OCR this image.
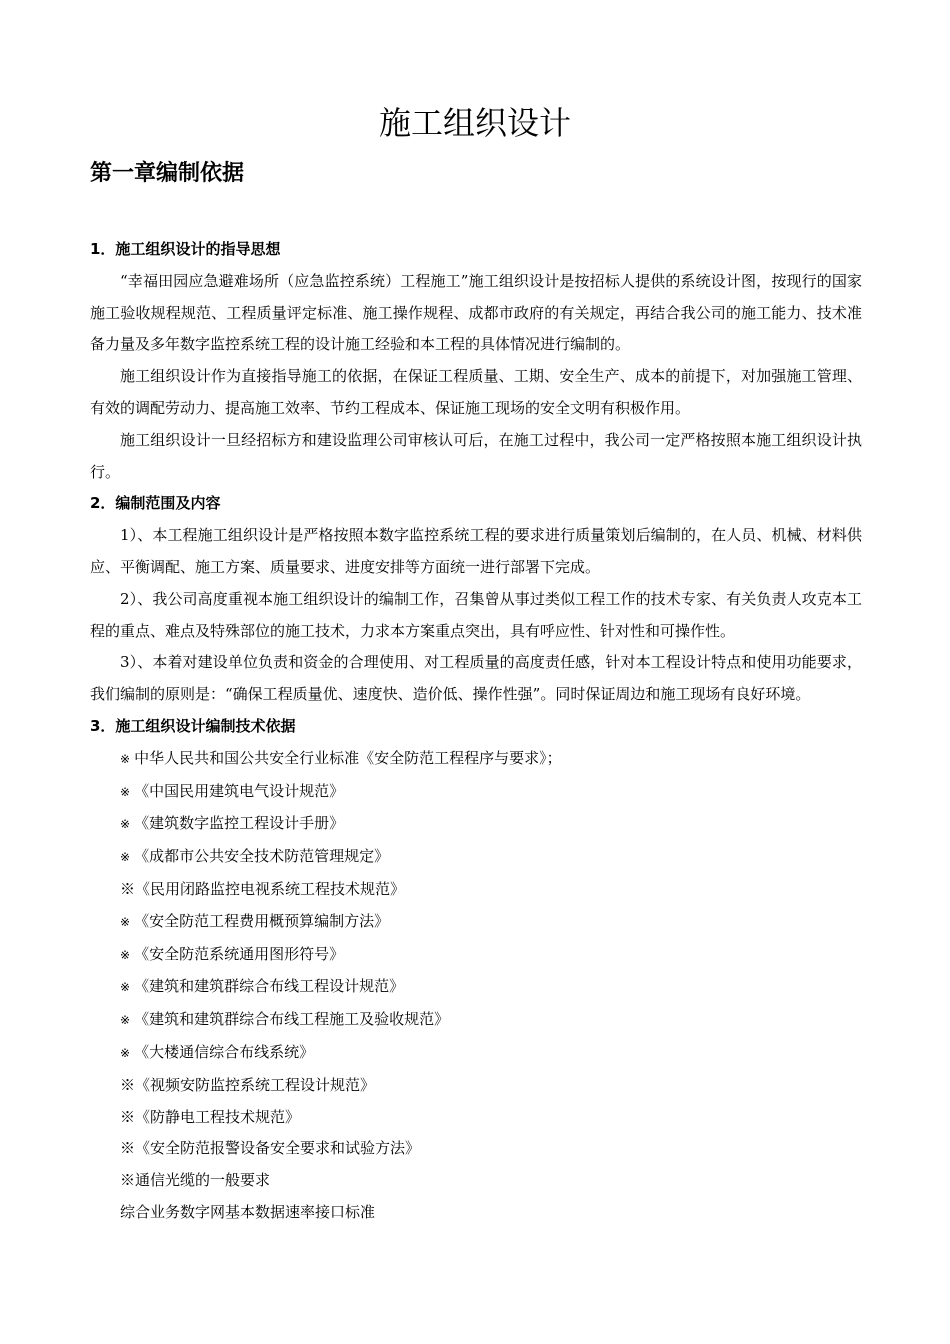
施工组织设计
第一章编制依据

1．施工组织设计的指导思想

“幸福田园应急避难场所（应急监控系统）工程施工”施工组织设计是按招标人提供的系统设计图，按现行的国家施工验收规程规范、工程质量评定标准、施工操作规程、成都市政府的有关规定，再结合我公司的施工能力、技术准备力量及多年数字监控系统工程的设计施工经验和本工程的具体情况进行编制的。

施工组织设计作为直接指导施工的依据，在保证工程质量、工期、安全生产、成本的前提下，对加强施工管理、有效的调配劳动力、提高施工效率、节约工程成本、保证施工现场的安全文明有积极作用。

施工组织设计一旦经招标方和建设监理公司审核认可后，在施工过程中，我公司一定严格按照本施工组织设计执行。

2．编制范围及内容

1）、本工程施工组织设计是严格按照本数字监控系统工程的要求进行质量策划后编制的，在人员、机械、材料供应、平衡调配、施工方案、质量要求、进度安排等方面统一进行部署下完成。

2）、我公司高度重视本施工组织设计的编制工作，召集曾从事过类似工程工作的技术专家、有关负责人攻克本工程的重点、难点及特殊部位的施工技术，力求本方案重点突出，具有呼应性、针对性和可操作性。

3）、本着对建设单位负责和资金的合理使用、对工程质量的高度责任感，针对本工程设计特点和使用功能要求，我们编制的原则是：“确保工程质量优、速度快、造价低、操作性强”。同时保证周边和施工现场有良好环境。

3．施工组织设计编制技术依据

※ 中华人民共和国公共安全行业标准《安全防范工程程序与要求》；
※ 《中国民用建筑电气设计规范》
※ 《建筑数字监控工程设计手册》
※ 《成都市公共安全技术防范管理规定》
※《民用闭路监控电视系统工程技术规范》
※ 《安全防范工程费用概预算编制方法》
※ 《安全防范系统通用图形符号》
※ 《建筑和建筑群综合布线工程设计规范》
※ 《建筑和建筑群综合布线工程施工及验收规范》
※ 《大楼通信综合布线系统》
※《视频安防监控系统工程设计规范》
※《防静电工程技术规范》
※《安全防范报警设备安全要求和试验方法》
※通信光缆的一般要求

综合业务数字网基本数据速率接口标准
